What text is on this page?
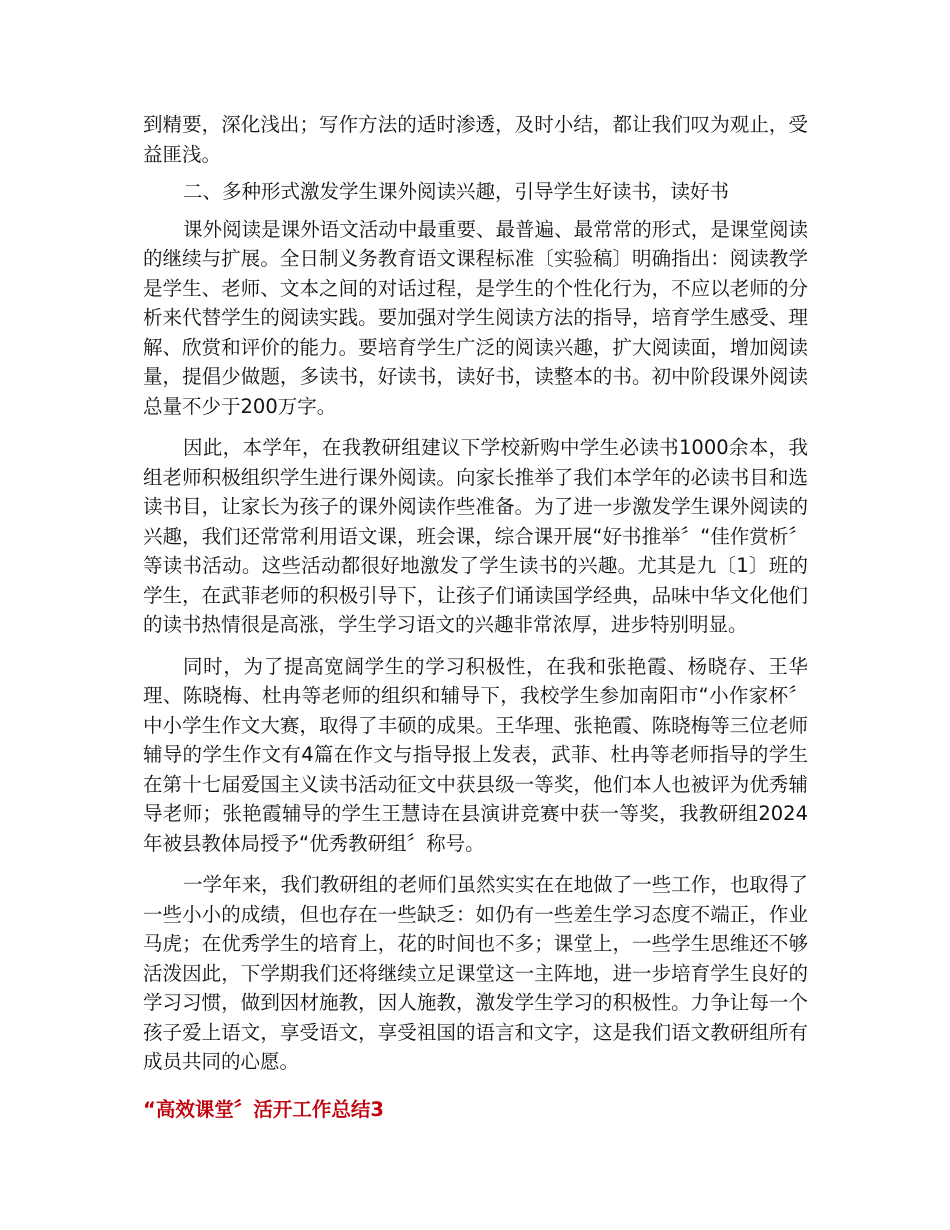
到精要，深化浅出；写作方法的适时渗透，及时小结，都让我们叹为观止，受益匪浅。

二、多种形式激发学生课外阅读兴趣，引导学生好读书，读好书

课外阅读是课外语文活动中最重要、最普遍、最常常的形式，是课堂阅读的继续与扩展。全日制义务教育语文课程标准〔实验稿〕明确指出：阅读教学是学生、老师、文本之间的对话过程，是学生的个性化行为，不应以老师的分析来代替学生的阅读实践。要加强对学生阅读方法的指导，培育学生感受、理解、欣赏和评价的能力。要培育学生广泛的阅读兴趣，扩大阅读面，增加阅读量，提倡少做题，多读书，好读书，读好书，读整本的书。初中阶段课外阅读总量不少于200万字。

因此，本学年，在我教研组建议下学校新购中学生必读书1000余本，我组老师积极组织学生进行课外阅读。向家长推举了我们本学年的必读书目和选读书目，让家长为孩子的课外阅读作些准备。为了进一步激发学生课外阅读的兴趣，我们还常常利用语文课，班会课，综合课开展“好书推举〞“佳作赏析〞等读书活动。这些活动都很好地激发了学生读书的兴趣。尤其是九〔1〕班的学生，在武菲老师的积极引导下，让孩子们诵读国学经典，品味中华文化他们的读书热情很是高涨，学生学习语文的兴趣非常浓厚，进步特别明显。

同时，为了提高宽阔学生的学习积极性，在我和张艳霞、杨晓存、王华理、陈晓梅、杜冉等老师的组织和辅导下，我校学生参加南阳市“小作家杯〞中小学生作文大赛，取得了丰硕的成果。王华理、张艳霞、陈晓梅等三位老师辅导的学生作文有4篇在作文与指导报上发表，武菲、杜冉等老师指导的学生在第十七届爱国主义读书活动征文中获县级一等奖，他们本人也被评为优秀辅导老师；张艳霞辅导的学生王慧诗在县演讲竞赛中获一等奖，我教研组2024年被县教体局授予“优秀教研组〞称号。

一学年来，我们教研组的老师们虽然实实在在地做了一些工作，也取得了一些小小的成绩，但也存在一些缺乏：如仍有一些差生学习态度不端正，作业马虎；在优秀学生的培育上，花的时间也不多；课堂上，一些学生思维还不够活泼因此，下学期我们还将继续立足课堂这一主阵地，进一步培育学生良好的学习习惯，做到因材施教，因人施教，激发学生学习的积极性。力争让每一个孩子爱上语文，享受语文，享受祖国的语言和文字，这是我们语文教研组所有成员共同的心愿。

“高效课堂〞活开工作总结3
